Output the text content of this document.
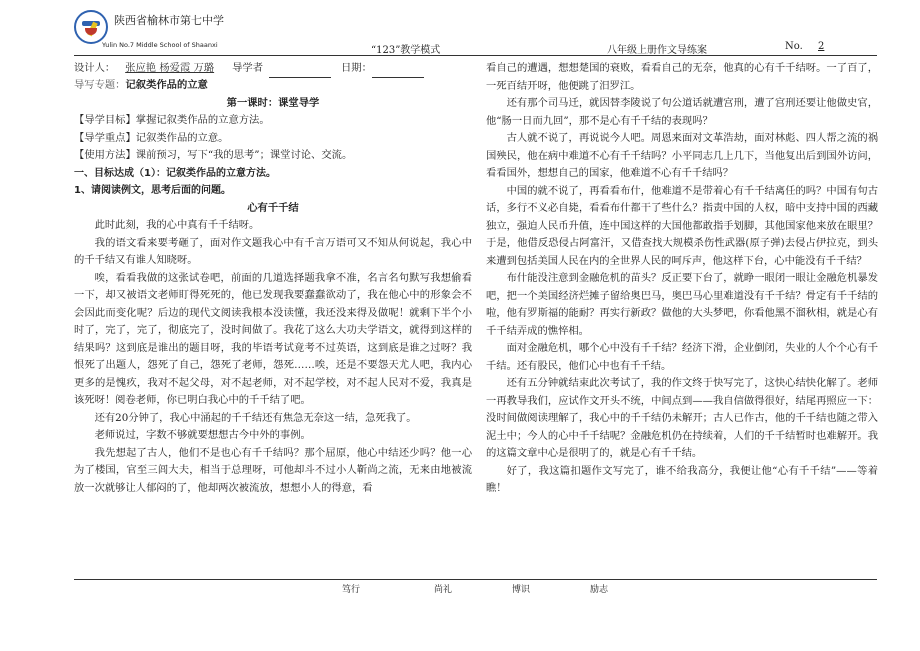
陕西省榆林市第七中学
Yulin No.7 Middle School of Shaanxi	“123”教学模式	八年级上册作文导练案	No.	2
设计人： 张应艳 杨爱霞 万璐 导学者	日期：
导写专题：记叙类作品的立意
第一课时：课堂导学
【导学目标】掌握记叙类作品的立意方法。
【导学重点】记叙类作品的立意。
【使用方法】课前预习，写下“我的思考”；课堂讨论、交流。
一、目标达成（1）：记叙类作品的立意方法。
1、请阅读例文，思考后面的问题。
心有千千结

此时此刻，我的心中真有千千结呀。

我的语文看来要考砸了，面对作文题我心中有千言万语可又不知从何说起，我心中的千千结又有谁人知晓呀。

唉，看看我做的这张试卷吧，前面的几道选择题我拿不准，名言名句默写我想偷看一下，却又被语文老师盯得死死的，他已发现我要蠢蠢欲动了，我在他心中的形象会不会因此而变化呢？后边的现代文阅读我根本没读懂，我还没来得及做呢！就剩下半个小时了，完了，完了，彻底完了，没时间做了。我花了这么大功夫学语文，就得到这样的结果吗？这到底是谁出的题目呀，我的毕语考试竟考不过英语，这到底是谁之过呀？我恨死了出题人，怨死了自己，怨死了老师，怨死……唉，还是不要怨天尤人吧，我内心更多的是愧疚，我对不起父母，对不起老师，对不起学校，对不起人民对不爱，我真是该死呀！阅卷老师，你已明白我心中的千千结了吧。

还有20分钟了，我心中涌起的千千结还有焦急无奈这一结，急死我了。

老师说过，字数不够就要想想古今中外的事例。

我先想起了古人，他们不是也心有千千结吗？那个屈原，他心中结还少吗？他一心为了楼国，官至三闾大夫，相当于总理呀，可他却斗不过小人靳尚之流，无来由地被流放一次就够让人郁闷的了，他却两次被流放，想想小人的得意，看

看自己的遭遇，想想楚国的衰败，看看自己的无奈，他真的心有千千结呀。一了百了，一死百结开呀，他便跳了汨罗江。

还有那个司马迁，就因替李陵说了句公道话就遭宫刑，遭了宫刑还要让他做史官，他“肠一日而九回”，那不是心有千千结的表现吗？

古人就不说了，再说说今人吧。周恩来面对文革浩劫，面对林彪、四人帮之流的祸国殃民，他在病中难道不心有千千结吗？小平同志几上几下，当他复出后到国外访问，看看国外，想想自己的国家，他难道不心有千千结吗？

中国的就不说了，再看看布什，他难道不是带着心有千千结离任的吗？中国有句古话，多行不义必自毙，看看布什都干了些什么？指责中国的人权，暗中支持中国的西藏独立，强迫人民币升值，连中国这样的大国他都敢指手划脚，其他国家他来放在眼里？于是，他借反恐侵占阿富汗，又借查找大规模杀伤性武器(原子弹)去侵占伊拉克，到头来遭到包括美国人民在内的全世界人民的呵斥声，他这样下台，心中能没有千千结？

布什能没注意到金融危机的苗头？反正要下台了，就睁一眼闭一眼让金融危机暴发吧，把一个美国经济烂摊子留给奥巴马，奥巴马心里难道没有千千结？骨定有千千结的啦，他有罗斯福的能耐？再实行新政？做他的大头梦吧，你看他黑不溜秋相，就是心有千千结弄成的憔悴相。

面对金融危机，哪个心中没有千千结？经济下滑，企业倒闭，失业的人个个心有千千结。还有股民，他们心中也有千千结。

还有五分钟就结束此次考试了，我的作文终于快写完了，这快心结快化解了。老师一再教导我们，应试作文开头不统，中间点到——我自信做得很好，结尾再照应一下：没时间做阅读理解了，我心中的千千结仍未解开；古人已作古，他的千千结也随之带入泥土中；今人的心中千千结呢？金融危机仍在持续着，人们的千千结暂时也难解开。我的这篇文章中心是很明了的，就是心有千千结。

好了，我这篇扣题作文写完了，谁不给我高分，我便让他“心有千千结”——等着瞧！

笃行	尚礼	博识	励志
